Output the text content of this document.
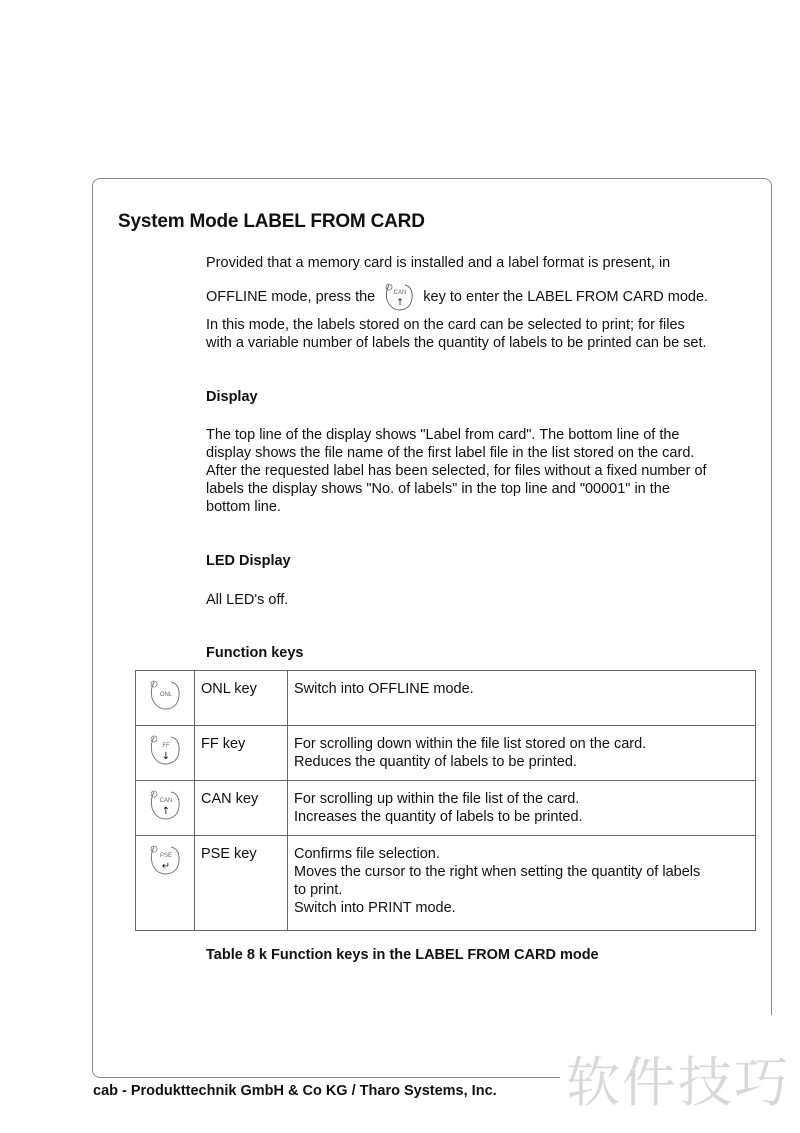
System Mode LABEL FROM CARD

Provided that a memory card is installed and a label format is present, in

OFFLINE mode, press the	CAN
↑ key to enter the LABEL FROM CARD mode.

In this mode, the labels stored on the card can be selected to print; for files

with a variable number of labels the quantity of labels to be printed can be set.

Display

The top line of the display shows "Label from card". The bottom line of the

display shows the file name of the first label file in the list stored on the card.

After the requested label has been selected, for files without a fixed number of

labels the display shows "No. of labels" in the top line and "00001" in the

bottom line.

LED Display

All LED's off.

Function keys
ONL	ONL key	Switch into OFFLINE mode.

FF
↓	FF key	For scrolling down within the file list stored on the card.
Reduces the quantity of labels to be printed.

CAN
↑	CAN key	For scrolling up within the file list of the card.
Increases the quantity of labels to be printed.

PSE
↵	PSE key	Confirms file selection.
Moves the cursor to the right when setting the quantity of labels
to print.
Switch into PRINT mode.

Table 8 k Function keys in the LABEL FROM CARD mode

cab - Produkttechnik GmbH & Co KG / Tharo Systems, Inc. 软件技巧
